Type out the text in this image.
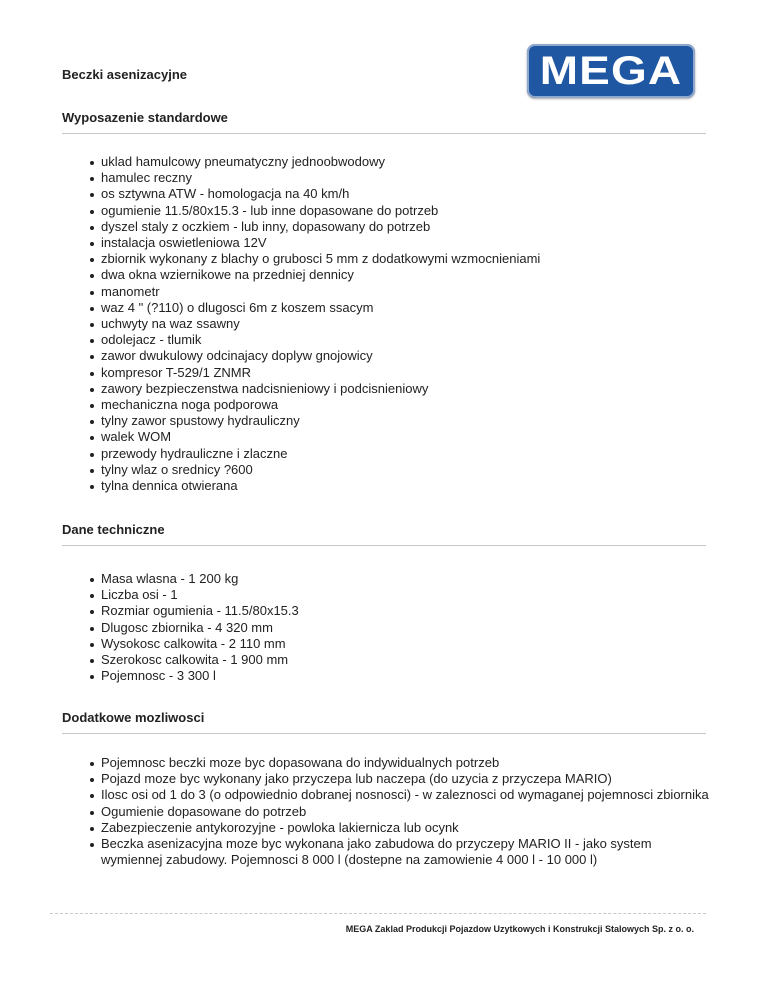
Beczki asenizacyjne	MEGA
Wyposazenie standardowe
uklad hamulcowy pneumatyczny jednoobwodowy
hamulec reczny
os sztywna ATW - homologacja na 40 km/h
ogumienie 11.5/80x15.3 - lub inne dopasowane do potrzeb
dyszel staly z oczkiem - lub inny, dopasowany do potrzeb
instalacja oswietleniowa 12V
zbiornik wykonany z blachy o grubosci 5 mm z dodatkowymi wzmocnieniami
dwa okna wziernikowe na przedniej dennicy
manometr
waz 4 " (?110) o dlugosci 6m z koszem ssacym
uchwyty na waz ssawny
odolejacz - tlumik
zawor dwukulowy odcinajacy doplyw gnojowicy
kompresor T-529/1 ZNMR
zawory bezpieczenstwa nadcisnieniowy i podcisnieniowy
mechaniczna noga podporowa
tylny zawor spustowy hydrauliczny
walek WOM
przewody hydrauliczne i zlaczne
tylny wlaz o srednicy ?600
tylna dennica otwierana
Dane techniczne
Masa wlasna - 1 200 kg
Liczba osi - 1
Rozmiar ogumienia - 11.5/80x15.3
Dlugosc zbiornika - 4 320 mm
Wysokosc calkowita - 2 110 mm
Szerokosc calkowita - 1 900 mm
Pojemnosc - 3 300 l
Dodatkowe mozliwosci
Pojemnosc beczki moze byc dopasowana do indywidualnych potrzeb
Pojazd moze byc wykonany jako przyczepa lub naczepa (do uzycia z przyczepa MARIO)
Ilosc osi od 1 do 3 (o odpowiednio dobranej nosnosci) - w zaleznosci od wymaganej pojemnosci zbiornika
Ogumienie dopasowane do potrzeb
Zabezpieczenie antykorozyjne - powloka lakiernicza lub ocynk
Beczka asenizacyjna moze byc wykonana jako zabudowa do przyczepy MARIO II - jako system wymiennej zabudowy. Pojemnosci 8 000 l (dostepne na zamowienie 4 000 l - 10 000 l)
MEGA Zaklad Produkcji Pojazdow Uzytkowych i Konstrukcji Stalowych Sp. z o. o.
